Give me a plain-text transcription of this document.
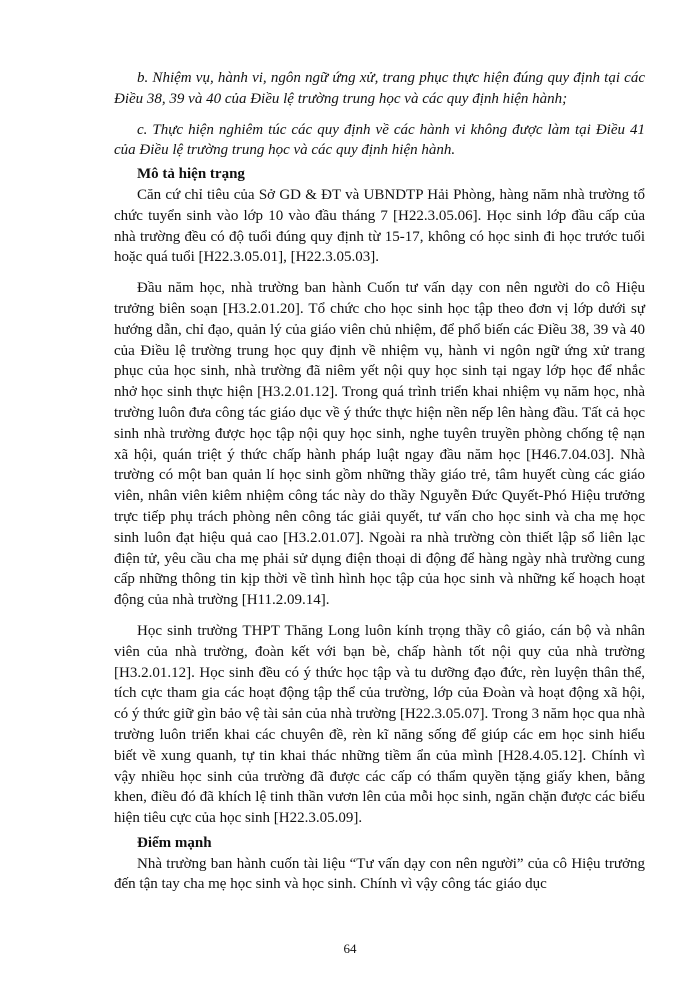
b. Nhiệm vụ, hành vi, ngôn ngữ ứng xử, trang phục thực hiện đúng quy định tại các Điều 38, 39 và 40 của Điều lệ trường trung học và các quy định hiện hành;

c. Thực hiện nghiêm túc các quy định về các hành vi không được làm tại Điều 41 của Điều lệ trường trung học và các quy định hiện hành.

Mô tả hiện trạng

Căn cứ chỉ tiêu của Sở GD & ĐT và UBNDTP Hải Phòng, hàng năm nhà trường tổ chức tuyển sinh vào lớp 10 vào đầu tháng 7 [H22.3.05.06]. Học sinh lớp đầu cấp của nhà trường đều có độ tuổi đúng quy định từ 15-17, không có học sinh đi học trước tuổi hoặc quá tuổi [H22.3.05.01], [H22.3.05.03].

Đầu năm học, nhà trường ban hành Cuốn tư vấn dạy con nên người do cô Hiệu trưởng biên soạn [H3.2.01.20]. Tổ chức cho học sinh học tập theo đơn vị lớp dưới sự hướng dẫn, chỉ đạo, quản lý của giáo viên chủ nhiệm, để phổ biến các Điều 38, 39 và 40 của Điều lệ trường trung học quy định về nhiệm vụ, hành vi ngôn ngữ ứng xử trang phục của học sinh, nhà trường đã niêm yết nội quy học sinh tại ngay lớp học để nhắc nhở học sinh thực hiện [H3.2.01.12]. Trong quá trình triển khai nhiệm vụ năm học, nhà trường luôn đưa công tác giáo dục về ý thức thực hiện nền nếp lên hàng đầu. Tất cả học sinh nhà trường được học tập nội quy học sinh, nghe tuyên truyền phòng chống tệ nạn xã hội, quán triệt ý thức chấp hành pháp luật ngay đầu năm học [H46.7.04.03]. Nhà trường có một ban quản lí học sinh gồm những thầy giáo trẻ, tâm huyết cùng các giáo viên, nhân viên kiêm nhiệm công tác này do thầy Nguyễn Đức Quyết-Phó Hiệu trưởng trực tiếp phụ trách phòng nên công tác giải quyết, tư vấn cho học sinh và cha mẹ học sinh luôn đạt hiệu quả cao [H3.2.01.07]. Ngoài ra nhà trường còn thiết lập sổ liên lạc điện tử, yêu cầu cha mẹ phải sử dụng điện thoại di động để hàng ngày nhà trường cung cấp những thông tin kịp thời về tình hình học tập của học sinh và những kế hoạch hoạt động của nhà trường [H11.2.09.14].

Học sinh trường THPT Thăng Long luôn kính trọng thầy cô giáo, cán bộ và nhân viên của nhà trường, đoàn kết với bạn bè, chấp hành tốt nội quy của nhà trường [H3.2.01.12]. Học sinh đều có ý thức học tập và tu dưỡng đạo đức, rèn luyện thân thể, tích cực tham gia các hoạt động tập thể của trường, lớp của Đoàn và hoạt động xã hội, có ý thức giữ gìn bảo vệ tài sản của nhà trường [H22.3.05.07]. Trong 3 năm học qua nhà trường luôn triển khai các chuyên đề, rèn kĩ năng sống để giúp các em học sinh hiểu biết về xung quanh, tự tin khai thác những tiềm ẩn của mình [H28.4.05.12]. Chính vì vậy nhiều học sinh của trường đã được các cấp có thẩm quyền tặng giấy khen, bằng khen, điều đó đã khích lệ tinh thần vươn lên của mỗi học sinh, ngăn chặn được các biểu hiện tiêu cực của học sinh [H22.3.05.09].

Điểm mạnh

Nhà trường ban hành cuốn tài liệu “Tư vấn dạy con nên người” của cô Hiệu trưởng đến tận tay cha mẹ học sinh và học sinh. Chính vì vậy công tác giáo dục

64
